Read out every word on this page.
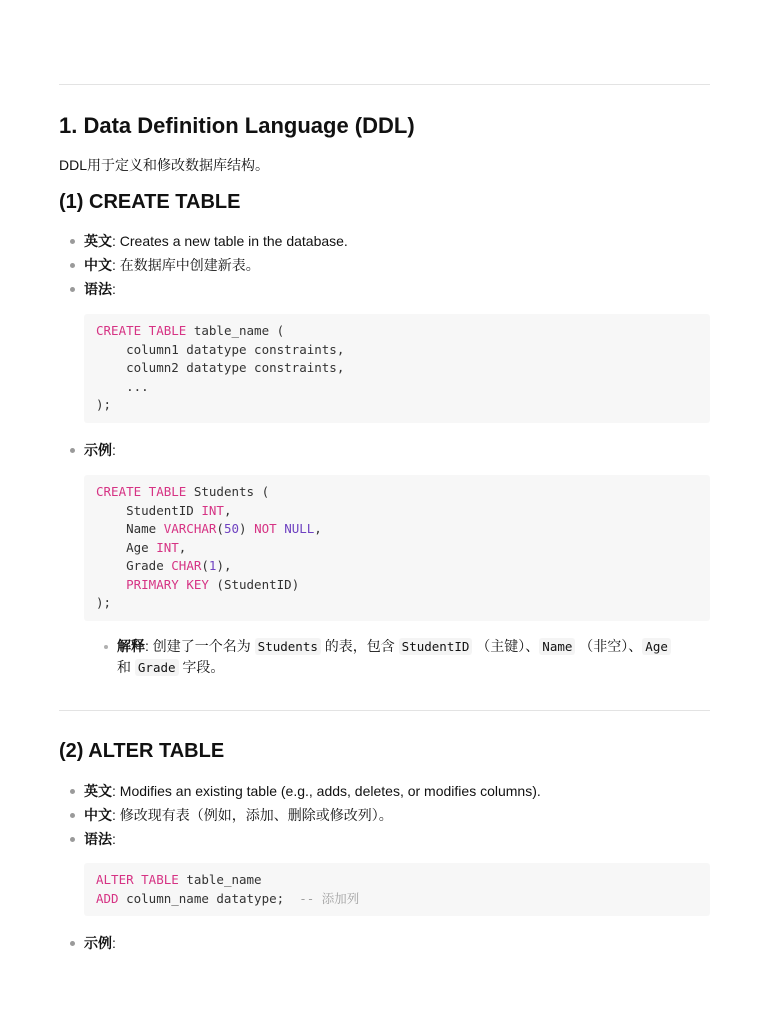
1. Data Definition Language (DDL)
DDL用于定义和修改数据库结构。
(1) CREATE TABLE
英文: Creates a new table in the database.
中文: 在数据库中创建新表。
语法:
CREATE TABLE table_name (
column1 datatype constraints,
column2 datatype constraints,
...
);
示例:
CREATE TABLE Students (
StudentID INT,
Name VARCHAR(50) NOT NULL,
Age INT,
Grade CHAR(1),
PRIMARY KEY (StudentID)
);
解释: 创建了一个名为 Students 的表，包含 StudentID （主键）、 Name （非空）、 Age
和 Grade 字段。
(2) ALTER TABLE
英文: Modifies an existing table (e.g., adds, deletes, or modifies columns).
中文: 修改现有表（例如，添加、删除或修改列）。
语法:
ALTER TABLE table_name
ADD column_name datatype;  -- 添加列
示例:
